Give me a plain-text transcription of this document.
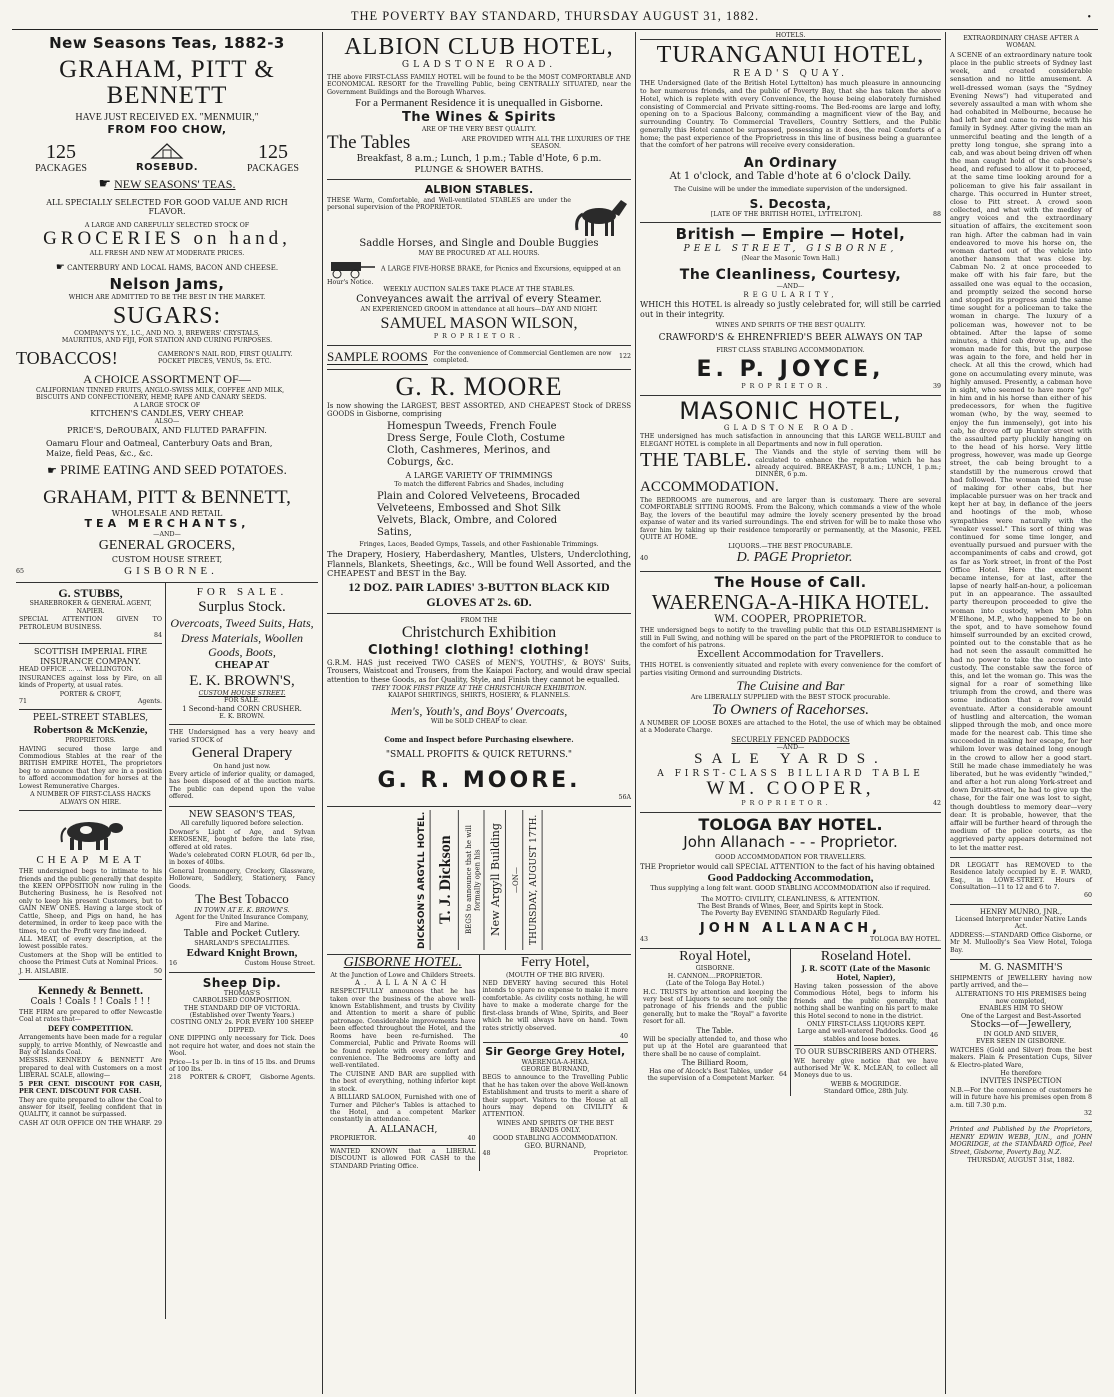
THE POVERTY BAY STANDARD, THURSDAY AUGUST 31, 1882.	•
New Seasons Teas, 1882-3
GRAHAM, PITT & BENNETT
HAVE JUST RECEIVED EX. "MENMUIR,"
FROM FOO CHOW,
125
PACKAGES	ROSEBUD.
125
PACKAGES
☛ NEW SEASONS' TEAS.
ALL SPECIALLY SELECTED FOR GOOD VALUE AND RICH FLAVOR.
A LARGE AND CAREFULLY SELECTED STOCK OF
GROCERIES on hand,
ALL FRESH AND NEW AT MODERATE PRICES.
☛ CANTERBURY AND LOCAL HAMS, BACON AND CHEESE.
Nelson Jams,
WHICH ARE ADMITTED TO BE THE BEST IN THE MARKET.
SUGARS:
COMPANY'S Y.Y., I.C., AND NO. 3, BREWERS' CRYSTALS, MAURITIUS, AND FIJI, FOR STATION AND CURING PURPOSES.
TOBACCOS!	CAMERON'S NAIL ROD, FIRST QUALITY. POCKET PIECES, VENUS, 5s. ETC.
A CHOICE ASSORTMENT OF—
CALIFORNIAN TINNED FRUITS, ANGLO-SWISS MILK, COFFEE AND MILK, BISCUITS AND CONFECTIONERY, HEMP, RAPE AND CANARY SEEDS.
A LARGE STOCK OF
KITCHEN'S CANDLES, VERY CHEAP.
ALSO—
PRICE'S, DeROUBAIX, AND FLUTED PARAFFIN.
Oamaru Flour and Oatmeal, Canterbury Oats and Bran, Maize, field Peas, &c., &c.
☛ PRIME EATING AND SEED POTATOES.
GRAHAM, PITT & BENNETT,
WHOLESALE AND RETAIL
TEA MERCHANTS,
—AND—
GENERAL GROCERS,
CUSTOM HOUSE STREET,
65	GISBORNE.
G. STUBBS,
SHAREBROKER & GENERAL AGENT,
NAPIER.

SPECIAL ATTENTION GIVEN TO PETROLEUM BUSINESS.

84
SCOTTISH IMPERIAL FIRE INSURANCE COMPANY.
HEAD OFFICE ... ... WELLINGTON.

INSURANCES against loss by Fire, on all kinds of Property, at usual rates.

PORTER & CROFT,
71	Agents.
PEEL-STREET STABLES,
Robertson & McKenzie,
PROPRIETORS.

HAVING secured those large and Commodious Stables at the rear of the BRITISH EMPIRE HOTEL, The proprietors beg to announce that they are in a position to afford accommodation for horses at the Lowest Remunerative Charges.

A NUMBER OF FIRST-CLASS HACKS ALWAYS ON HIRE.
CHEAP MEAT

THE undersigned begs to intimate to his friends and the public generally that despite the KEEN OPPOSITION now ruling in the Butchering Business, he is Resolved not only to keep his present Customers, but to GAIN NEW ONES. Having a large stock of Cattle, Sheep, and Pigs on hand, he has determined, in order to keep pace with the times, to cut the Profit very fine indeed.

ALL MEAT, of every description, at the lowest possible rates.

Customers at the Shop will be entitled to choose the Primest Cuts at Nominal Prices.

J. H. AISLABIE.	50
Kennedy & Bennett.
Coals ! Coals ! ! Coals ! ! !

THE FIRM are prepared to offer Newcastle Coal at rates that—

DEFY COMPETITION.

Arrangements have been made for a regular supply, to arrive Monthly, of Newcastle and Bay of Islands Coal.

MESSRS. KENNEDY & BENNETT Are prepared to deal with Customers on a most LIBERAL SCALE, allowing—

5 PER CENT. DISCOUNT FOR CASH, PER CENT. DISCOUNT FOR CASH.

They are quite prepared to allow the Coal to answer for itself, feeling confident that in QUALITY, it cannot be surpassed.

CASH AT OUR OFFICE ON THE WHARF. 29
FOR SALE.
Surplus Stock.
Overcoats, Tweed Suits, Hats, Dress Materials, Woollen Goods, Boots,
CHEAP AT
E. K. BROWN'S,
CUSTOM HOUSE STREET.
FOR SALE.
1 Second-hand CORN CRUSHER.
E. K. BROWN.

THE Undersigned has a very heavy and varied STOCK of

General Drapery
On hand just now.

Every article of inferior quality, or damaged, has been disposed of at the auction marts. The public can depend upon the value offered.

NEW SEASON'S TEAS,
All carefully liquored before selection.

Downer's Light of Age, and Sylvan KEROSENE, bought before the late rise, offered at old rates.

Wade's celebrated CORN FLOUR, 6d per lb., in boxes of 40lbs.

General Ironmongery, Crockery, Glassware, Holloware, Saddlery, Stationery, Fancy Goods.

The Best Tobacco
IN TOWN AT E. K. BROWN'S.
Agent for the United Insurance Company, Fire and Marine.
Table and Pocket Cutlery.
SHARLAND'S SPECIALITIES.
Edward Knight Brown,
16	Custom House Street.
Sheep Dip.
THOMAS'S
CARBOLISED COMPOSITION.
THE STANDARD DIP OF VICTORIA.
(Established over Twenty Years.)
COSTING ONLY 2s. FOR EVERY 100 SHEEP DIPPED.

ONE DIPPING only necessary for Tick. Does not require hot water, and does not stain the Wool.

Price—1s per lb. in tins of 15 lbs. and Drums of 100 lbs.

218 PORTER & CROFT, Gisborne Agents.
ALBION CLUB HOTEL,
GLADSTONE ROAD.

THE above FIRST-CLASS FAMILY HOTEL will be found to be the MOST COMFORTABLE AND ECONOMICAL RESORT for the Travelling Public, being CENTRALLY SITUATED, near the Government Buildings and the Borough Wharves.

For a Permanent Residence it is unequalled in Gisborne.
The Wines & Spirits
ARE OF THE VERY BEST QUALITY.
The Tables	ARE PROVIDED WITH ALL THE LUXURIES OF THE SEASON.
Breakfast, 8 a.m.; Lunch, 1 p.m.; Table d'Hote, 6 p.m.
PLUNGE & SHOWER BATHS.
ALBION STABLES.

THESE Warm, Comfortable, and Well-ventilated STABLES are under the personal supervision of the PROPRIETOR.

Saddle Horses, and Single and Double Buggies
MAY BE PROCURED AT ALL HOURS.
A LARGE FIVE-HORSE BRAKE, for Picnics and Excursions, equipped at an Hour's Notice.
WEEKLY AUCTION SALES TAKE PLACE AT THE STABLES.
Conveyances await the arrival of every Steamer.
AN EXPERIENCED GROOM in attendance at all hours—DAY AND NIGHT.
SAMUEL MASON WILSON,
PROPRIETOR.
SAMPLE ROOMS For the convenience of Commercial Gentlemen are now completed.
122
G. R. MOORE

Is now showing the LARGEST, BEST ASSORTED, AND CHEAPEST Stock of DRESS GOODS in Gisborne, comprising

Homespun Tweeds, French Foule Dress Serge, Foule Cloth, Costume Cloth, Cashmeres, Merinos, and Coburgs, &c.
A LARGE VARIETY OF TRIMMINGS
To match the different Fabrics and Shades, including
Plain and Colored Velveteens, Brocaded Velveteens, Embossed and Shot Silk Velvets, Black, Ombre, and Colored Satins,
Fringes, Laces, Beaded Gymps, Tassels, and other Fashionable Trimmings.

The Drapery, Hosiery, Haberdashery, Mantles, Ulsters, Underclothing, Flannels, Blankets, Sheetings, &c., Will be found Well Assorted, and the CHEAPEST and BEST in the Bay.

12 DOZ. PAIR LADIES' 3-BUTTON BLACK KID GLOVES AT 2s. 6D.
FROM THE
Christchurch Exhibition
Clothing! clothing! clothing!

G.R.M. HAS just received TWO CASES of MEN'S, YOUTHS', & BOYS' Suits, Trousers, Waistcoat and Trousers, from the Kaiapoi Factory, and would draw special attention to these Goods, as for Quality, Style, and Finish they cannot be equalled.

THEY TOOK FIRST PRIZE AT THE CHRISTCHURCH EXHIBITION.
KAIAPOI SHIRTINGS, SHIRTS, HOSIERY, & FLANNELS.
Men's, Youth's, and Boys' Overcoats,
Will be SOLD CHEAP to clear.
Come and Inspect before Purchasing elsewhere.
"SMALL PROFITS & QUICK RETURNS."
G. R. MOORE.
56A
DICKSON'S ARGYLL HOTEL. T. J. Dickson	BEGS to announce that he will formally open his New Argyll Building	—ON—	THURSDAY, AUGUST 17TH.
GISBORNE HOTEL.
At the Junction of Lowe and Childers Streets.
A. ALLANACH

RESPECTFULLY announces that he has taken over the business of the above well-known Establishment, and trusts by Civility and Attention to merit a share of public patronage. Considerable improvements have been effected throughout the Hotel, and the Rooms have been re-furnished. The Commercial, Public and Private Rooms will be found replete with every comfort and convenience. The Bedrooms are lofty and well-ventilated.

The CUISINE AND BAR are supplied with the best of everything, nothing inferior kept in stock.

A BILLIARD SALOON, Furnished with one of Turner and Pilcher's Tables is attached to the Hotel, and a competent Marker constantly in attendance.

A. ALLANACH,
PROPRIETOR.	40

WANTED KNOWN that a LIBERAL DISCOUNT is allowed FOR CASH to the STANDARD Printing Office.

Ferry Hotel,
(MOUTH OF THE BIG RIVER).

NED DEVERY having secured this Hotel intends to spare no expense to make it more comfortable. As civility costs nothing, he will have to make a moderate charge for the first-class brands of Wine, Spirits, and Beer which he will always have on hand. Town rates strictly observed.

40
Sir George Grey Hotel,
WAERENGA-A-HIKA.
GEORGE BURNAND,

BEGS to announce to the Travelling Public that he has taken over the above Well-known Establishment and trusts to merit a share of their support. Visitors to the House at all hours may depend on CIVILITY & ATTENTION.

WINES AND SPIRITS OF THE BEST BRANDS ONLY.
GOOD STABLING ACCOMMODATION.
GEO. BURNAND,
48	Proprietor.
HOTELS.
TURANGANUI HOTEL,
READ'S QUAY.

THE Undersigned (late of the British Hotel Lyttelton) has much pleasure in announcing to her numerous friends, and the public of Poverty Bay, that she has taken the above Hotel, which is replete with every Convenience, the house being elaborately furnished consisting of Commercial and Private sitting-rooms. The Bed-rooms are large and lofty, opening on to a Spacious Balcony, commanding a magnificent view of the Bay, and surrounding Country. To Commercial Travellers, Country Settlers, and the Public generally this Hotel cannot be surpassed, possessing as it does, the real Comforts of a home; the past experience of the Proprietress in this line of business being a guarantee that the comfort of her patrons will receive every consideration.

An Ordinary
At 1 o'clock, and Table d'hote at 6 o'clock Daily.
The Cuisine will be under the immediate supervision of the undersigned.
S. Decosta,
[LATE OF THE BRITISH HOTEL, LYTTELTON].	88
British — Empire — Hotel,
PEEL STREET, GISBORNE,
(Near the Masonic Town Hall.)
The Cleanliness, Courtesy,
—AND—
REGULARITY,

WHICH this HOTEL is already so justly celebrated for, will still be carried out in their integrity.

WINES AND SPIRITS OF THE BEST QUALITY.
CRAWFORD'S & EHRENFRIED'S BEER ALWAYS ON TAP
FIRST CLASS STABLING ACCOMMODATION.
E. P. JOYCE,
PROPRIETOR.	39
MASONIC HOTEL,
GLADSTONE ROAD.

THE undersigned has much satisfaction in announcing that this LARGE WELL-BUILT and ELEGANT HOTEL is complete in all Departments and now in full operation.

THE TABLE. The Viands and the style of serving them will be calculated to enhance the reputation which he has already acquired. BREAKFAST, 8 a.m.; LUNCH, 1 p.m.; DINNER, 6 p.m.
ACCOMMODATION.

The BEDROOMS are numerous, and are larger than is customary. There are several COMFORTABLE SITTING ROOMS. From the Balcony, which commands a view of the whole Bay, the lovers of the beautiful may admire the lovely scenery presented by the broad expanse of water and its varied surroundings. The end striven for will be to make those who favor him by taking up their residence temporarily or permanently, at the Masonic, FEEL QUITE AT HOME.

LIQUORS.—THE BEST PROCURABLE.
40	D. PAGE Proprietor.
The House of Call.
WAERENGA-A-HIKA HOTEL.
WM. COOPER, PROPRIETOR.

THE undersigned begs to notify to the travelling public that this OLD ESTABLISHMENT is still in Full Swing, and nothing will be spared on the part of the PROPRIETOR to conduce to the comfort of his patrons.

Excellent Accommodation for Travellers.

THIS HOTEL is conveniently situated and replete with every convenience for the comfort of parties visiting Ormond and surrounding Districts.

The Cuisine and Bar
Are LIBERALLY SUPPLIED with the BEST STOCK procurable.
To Owners of Racehorses.

A NUMBER OF LOOSE BOXES are attached to the Hotel, the use of which may be obtained at a Moderate Charge.

SECURELY FENCED PADDOCKS
—AND—
SALE YARDS.
A FIRST-CLASS BILLIARD TABLE
WM. COOPER,
PROPRIETOR.	42
TOLOGA BAY HOTEL.
John Allanach - - - Proprietor.
GOOD ACCOMMODATION FOR TRAVELLERS.

THE Proprietor would call SPECIAL ATTENTION to the fact of his having obtained

Good Paddocking Accommodation,
Thus supplying a long felt want. GOOD STABLING ACCOMMODATION also if required.
The MOTTO: CIVILITY, CLEANLINESS, & ATTENTION.
The Best Brands of Wines, Beer, and Spirits kept in Stock.
The Poverty Bay EVENING STANDARD Regularly Filed.
JOHN ALLANACH,
43	TOLOGA BAY HOTEL.
Royal Hotel,
GISBORNE.
H. CANNON....PROPRIETOR.
(Late of the Tologa Bay Hotel.)

H.C. TRUSTS by attention and keeping the very best of Liquors to secure not only the patronage of his friends and the public generally, but to make the "Royal" a favorite resort for all.

The Table.

Will be specially attended to, and those who put up at the Hotel are guaranteed that there shall be no cause of complaint.

The Billiard Room,
Has one of Alcock's Best Tables, under the supervision of a Competent Marker.
64
Roseland Hotel.
J. R. SCOTT (Late of the Masonic Hotel, Napier),

Having taken possession of the above Commodious Hotel, begs to inform his friends and the public generally, that nothing shall be wanting on his part to make this Hotel second to none in the district.

ONLY FIRST-CLASS LIQUORS KEPT.
Large and well-watered Paddocks. Good stables and loose boxes.
46
TO OUR SUBSCRIBERS AND OTHERS.

WE hereby give notice that we have authorised Mr W. K. McLEAN, to collect all Moneys due to us.

WEBB & MOGRIDGE.
Standard Office, 28th July.
EXTRAORDINARY CHASE AFTER A WOMAN.

A SCENE of an extraordinary nature took place in the public streets of Sydney last week, and created considerable sensation and no little amusement. A well-dressed woman (says the "Sydney Evening News") had vituperated and severely assaulted a man with whom she had cohabited in Melbourne, because he had left her and came to reside with his family in Sydney. After giving the man an unmerciful beating and the length of a pretty long tongue, she sprang into a cab, and was about being driven off when the man caught hold of the cab-horse's head, and refused to allow it to proceed, at the same time looking around for a policeman to give his fair assailant in charge. This occurred in Hunter street, close to Pitt street. A crowd soon collected, and what with the medley of angry voices and the extraordinary situation of affairs, the excitement soon ran high. After the cabman had in vain endeavored to move his horse on, the woman darted out of the vehicle into another hansom that was close by. Cabman No. 2 at once proceeded to make off with his fair fare, but the assailed one was equal to the occasion, and promptly seized the second horse and stopped its progress amid the same time sought for a policeman to take the woman in charge. The luxury of a policeman was, however not to be obtained. After the lapse of some minutes, a third cab drove up, and the woman made for this, but the purpose was again to the fore, and held her in check. At all this the crowd, which had gone on accumulating every minute, was highly amused. Presently, a cabman hove in sight, who seemed to have more "go" in him and in his horse than either of his predecessors, for when the fugitive woman (who, by the way, seemed to enjoy the fun immensely), got into his cab, he drove off up Hunter street with the assaulted party pluckily hanging on to the head of his horse. Very little progress, however, was made up George street, the cab being brought to a standstill by the numerous crowd that had followed. The woman tried the ruse of making for other cabs, but her implacable pursuer was on her track and kept her at bay, in defiance of the jeers and hootings of the mob, whose sympathies were naturally with the "weaker vessel." This sort of thing was continued for some time longer, and eventually pursued and pursuer with the accompaniments of cabs and crowd, got as far as York street, in front of the Post Office Hotel. Here the excitement became intense, for at last, after the lapse of nearly half-an-hour, a policeman put in an appearance. The assaulted party thereupon proceeded to give the woman into custody, when Mr John M'Elhone, M.P., who happened to be on the spot, and to have somehow found himself surrounded by an excited crowd, pointed out to the constable that as he had not seen the assault committed he had no power to take the accused into custody. The constable saw the force of this, and let the woman go. This was the signal for a roar of something like triumph from the crowd, and there was some indication that a row would eventuate. After a considerable amount of hustling and altercation, the woman slipped through the mob, and once more made for the nearest cab. This time she succeeded in making her escape, for her whilom lover was detained long enough in the crowd to allow her a good start. Still he made chase immediately he was liberated, but he was evidently "winded," and after a hot run along York-street and down Druitt-street, he had to give up the chase, for the fair one was lost to sight, though doubtless to memory dear—very dear. It is probable, however, that the affair will be further heard of through the medium of the police courts, as the aggrieved party appears determined not to let the matter rest.

DR LEGGATT has REMOVED to the Residence lately occupied by E. F. WARD, Esq., in LOWE-STREET. Hours of Consultation—11 to 12 and 6 to 7.

60
HENRY MUNRO, JNR.,
Licensed Interpreter under Native Lands Act.

ADDRESS:—STANDARD Office Gisborne, or Mr M. Mulloolly's Sea View Hotel, Tologa Bay.

M. G. NASMITH'S

SHIPMENTS of JEWELLERY having now partly arrived, and the—

ALTERATIONS TO HIS PREMISES being now completed,
ENABLES HIM TO SHOW
One of the Largest and Best-Assorted
Stocks—of—Jewellery,
IN GOLD AND SILVER,
EVER SEEN IN GISBORNE.

WATCHES (Gold and Silver) from the best makers. Plain & Presentation Cups, Silver & Electro-plated Ware,

He therefore
INVITES INSPECTION

N.B.—For the convenience of customers he will in future have his premises open from 8 a.m. till 7.30 p.m.

32

Printed and Published by the Proprietors, HENRY EDWIN WEBB, JUN., and JOHN MOGRIDGE, at the STANDARD Office, Peel Street, Gisborne, Poverty Bay, N.Z.

THURSDAY, AUGUST 31st, 1882.
